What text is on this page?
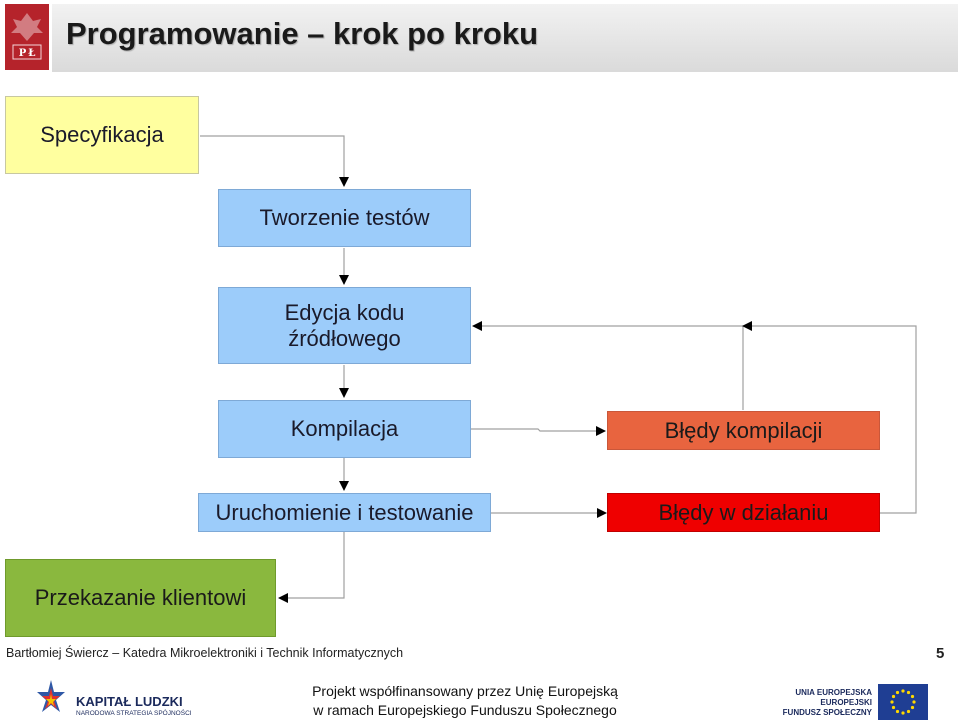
P Ł
Programowanie – krok po kroku
Specyfikacja
Tworzenie testów
Edycja kodu
źródłowego
Kompilacja	Błędy kompilacji
Uruchomienie i testowanie	Błędy w działaniu
Przekazanie klientowi
Bartłomiej Świercz – Katedra Mikroelektroniki i Technik Informatycznych	5
KAPITAŁ LUDZKI
NARODOWA STRATEGIA SPÓJNOŚCI
Projekt współfinansowany przez Unię Europejską
w ramach Europejskiego Funduszu Społecznego
UNIA EUROPEJSKA
EUROPEJSKI
FUNDUSZ SPOŁECZNY
